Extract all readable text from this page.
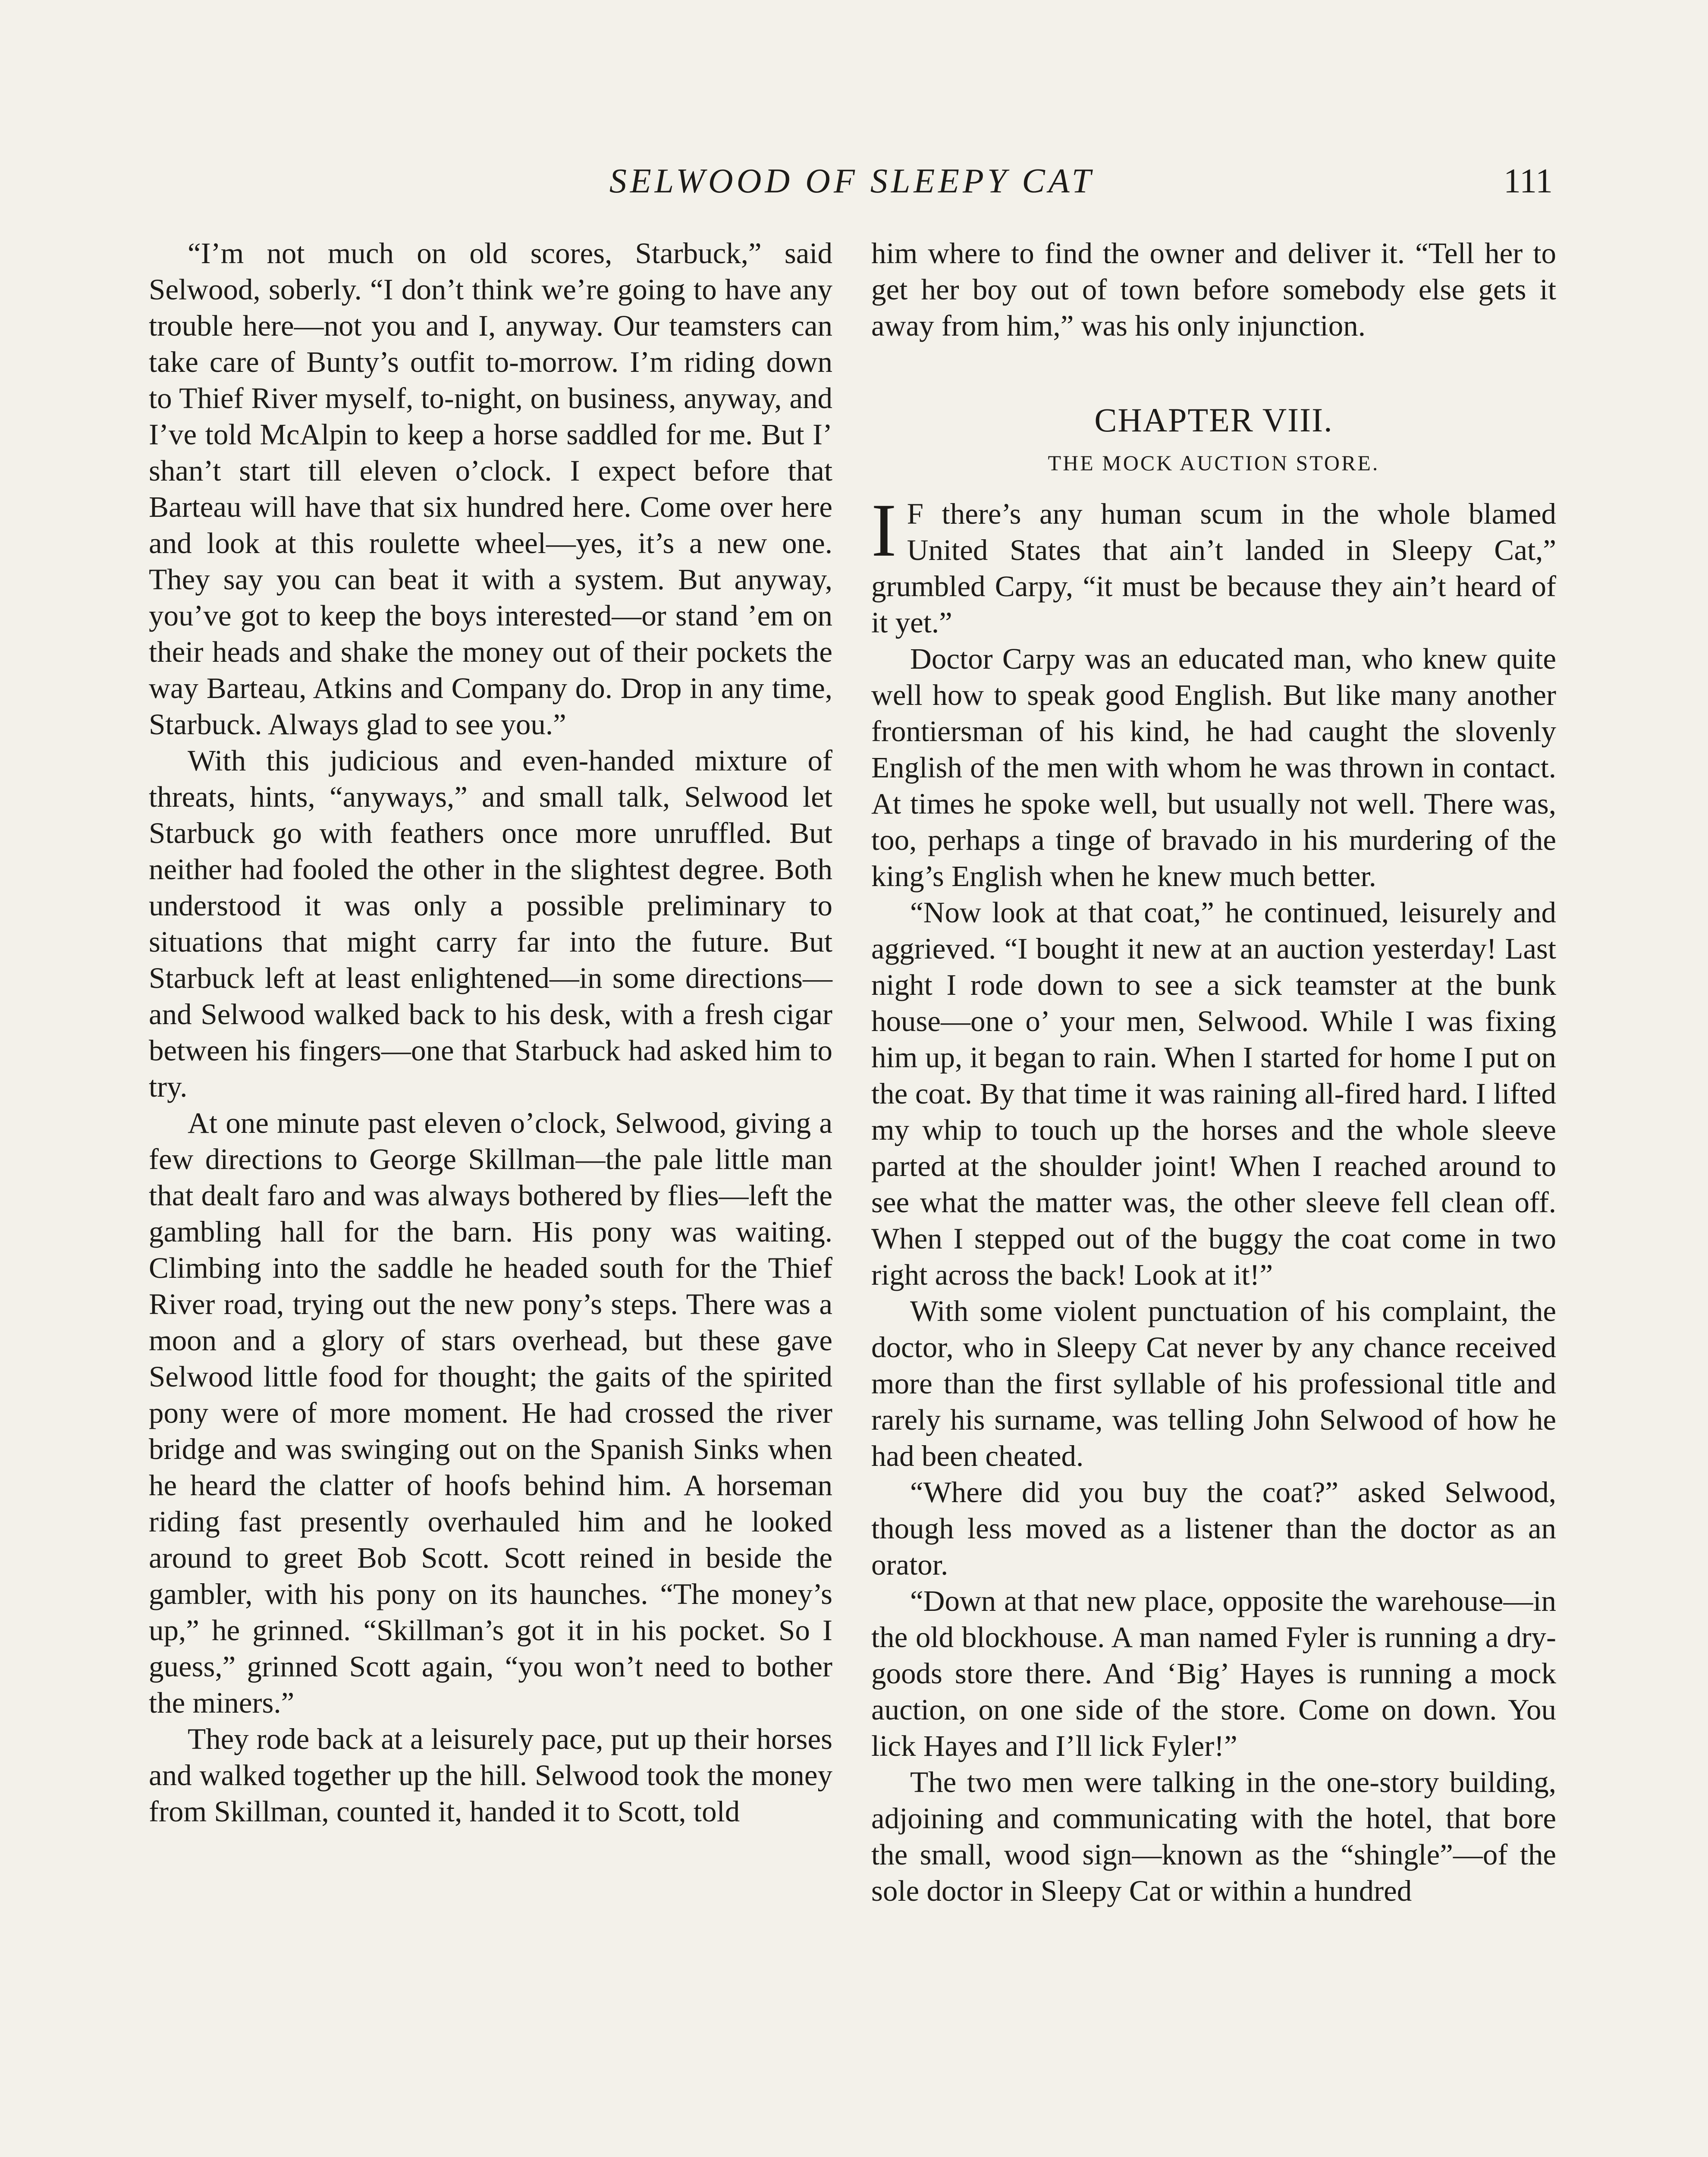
SELWOOD OF SLEEPY CAT	111

“I’m not much on old scores, Starbuck,” said Selwood, soberly. “I don’t think we’re going to have any trouble here—not you and I, anyway. Our teamsters can take care of Bunty’s outfit to-morrow. I’m riding down to Thief River myself, to-night, on business, anyway, and I’ve told McAlpin to keep a horse saddled for me. But I’ shan’t start till eleven o’clock. I expect before that Barteau will have that six hundred here. Come over here and look at this roulette wheel—yes, it’s a new one. They say you can beat it with a system. But anyway, you’ve got to keep the boys interested—or stand ’em on their heads and shake the money out of their pockets the way Barteau, Atkins and Company do. Drop in any time, Starbuck. Always glad to see you.”

With this judicious and even-handed mixture of threats, hints, “anyways,” and small talk, Selwood let Starbuck go with feathers once more unruffled. But neither had fooled the other in the slightest degree. Both understood it was only a possible preliminary to situations that might carry far into the future. But Starbuck left at least enlightened—in some directions—and Selwood walked back to his desk, with a fresh cigar between his fingers—one that Starbuck had asked him to try.

At one minute past eleven o’clock, Selwood, giving a few directions to George Skillman—the pale little man that dealt faro and was always bothered by flies—left the gambling hall for the barn. His pony was waiting. Climbing into the saddle he headed south for the Thief River road, trying out the new pony’s steps. There was a moon and a glory of stars overhead, but these gave Selwood little food for thought; the gaits of the spirited pony were of more moment. He had crossed the river bridge and was swinging out on the Spanish Sinks when he heard the clatter of hoofs behind him. A horseman riding fast presently overhauled him and he looked around to greet Bob Scott. Scott reined in beside the gambler, with his pony on its haunches. “The money’s up,” he grinned. “Skillman’s got it in his pocket. So I guess,” grinned Scott again, “you won’t need to bother the miners.”

They rode back at a leisurely pace, put up their horses and walked together up the hill. Selwood took the money from Skillman, counted it, handed it to Scott, told

him where to find the owner and deliver it. “Tell her to get her boy out of town before somebody else gets it away from him,” was his only injunction.

CHAPTER VIII.
THE MOCK AUCTION STORE.

I F there’s any human scum in the whole blamed United States that ain’t landed in Sleepy Cat,” grumbled Carpy, “it must be because they ain’t heard of it yet.”

Doctor Carpy was an educated man, who knew quite well how to speak good English. But like many another frontiersman of his kind, he had caught the slovenly English of the men with whom he was thrown in contact. At times he spoke well, but usually not well. There was, too, perhaps a tinge of bravado in his murdering of the king’s English when he knew much better.

“Now look at that coat,” he continued, leisurely and aggrieved. “I bought it new at an auction yesterday! Last night I rode down to see a sick teamster at the bunk house—one o’ your men, Selwood. While I was fixing him up, it began to rain. When I started for home I put on the coat. By that time it was raining all-fired hard. I lifted my whip to touch up the horses and the whole sleeve parted at the shoulder joint! When I reached around to see what the matter was, the other sleeve fell clean off. When I stepped out of the buggy the coat come in two right across the back! Look at it!”

With some violent punctuation of his complaint, the doctor, who in Sleepy Cat never by any chance received more than the first syllable of his professional title and rarely his surname, was telling John Selwood of how he had been cheated.

“Where did you buy the coat?” asked Selwood, though less moved as a listener than the doctor as an orator.

“Down at that new place, opposite the warehouse—in the old blockhouse. A man named Fyler is running a dry-goods store there. And ‘Big’ Hayes is running a mock auction, on one side of the store. Come on down. You lick Hayes and I’ll lick Fyler!”

The two men were talking in the one-story building, adjoining and communicating with the hotel, that bore the small, wood sign—known as the “shingle”—of the sole doctor in Sleepy Cat or within a hundred
